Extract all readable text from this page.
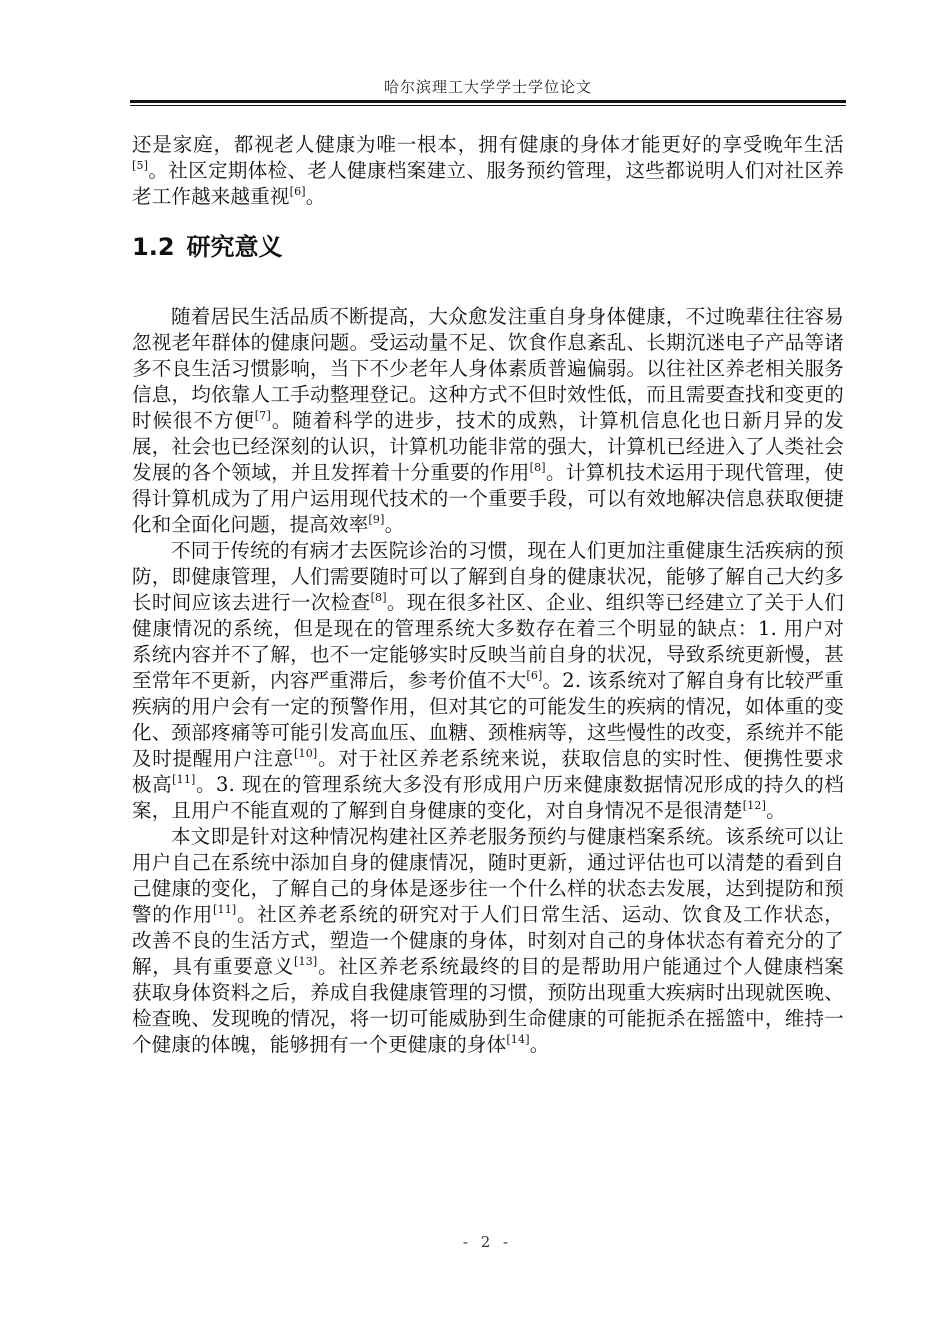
哈尔滨理工大学学士学位论文

还是家庭，都视老人健康为唯一根本，拥有健康的身体才能更好的享受晚年生活[5]。社区定期体检、老人健康档案建立、服务预约管理，这些都说明人们对社区养老工作越来越重视[6]。

1.2 研究意义

随着居民生活品质不断提高，大众愈发注重自身身体健康，不过晚辈往往容易忽视老年群体的健康问题。受运动量不足、饮食作息紊乱、长期沉迷电子产品等诸多不良生活习惯影响，当下不少老年人身体素质普遍偏弱。以往社区养老相关服务信息，均依靠人工手动整理登记。这种方式不但时效性低，而且需要查找和变更的时候很不方便[7]。随着科学的进步，技术的成熟，计算机信息化也日新月异的发展，社会也已经深刻的认识，计算机功能非常的强大，计算机已经进入了人类社会发展的各个领域，并且发挥着十分重要的作用[8]。计算机技术运用于现代管理，使得计算机成为了用户运用现代技术的一个重要手段，可以有效地解决信息获取便捷化和全面化问题，提高效率[9]。

不同于传统的有病才去医院诊治的习惯，现在人们更加注重健康生活疾病的预防，即健康管理，人们需要随时可以了解到自身的健康状况，能够了解自己大约多长时间应该去进行一次检查[8]。现在很多社区、企业、组织等已经建立了关于人们健康情况的系统，但是现在的管理系统大多数存在着三个明显的缺点：1. 用户对系统内容并不了解，也不一定能够实时反映当前自身的状况，导致系统更新慢，甚至常年不更新，内容严重滞后，参考价值不大[6]。2. 该系统对了解自身有比较严重疾病的用户会有一定的预警作用，但对其它的可能发生的疾病的情况，如体重的变化、颈部疼痛等可能引发高血压、血糖、颈椎病等，这些慢性的改变，系统并不能及时提醒用户注意[10]。对于社区养老系统来说，获取信息的实时性、便携性要求极高[11]。3. 现在的管理系统大多没有形成用户历来健康数据情况形成的持久的档案，且用户不能直观的了解到自身健康的变化，对自身情况不是很清楚[12]。

本文即是针对这种情况构建社区养老服务预约与健康档案系统。该系统可以让用户自己在系统中添加自身的健康情况，随时更新，通过评估也可以清楚的看到自己健康的变化，了解自己的身体是逐步往一个什么样的状态去发展，达到提防和预警的作用[11]。社区养老系统的研究对于人们日常生活、运动、饮食及工作状态，改善不良的生活方式，塑造一个健康的身体，时刻对自己的身体状态有着充分的了解，具有重要意义[13]。社区养老系统最终的目的是帮助用户能通过个人健康档案获取身体资料之后，养成自我健康管理的习惯，预防出现重大疾病时出现就医晚、检查晚、发现晚的情况，将一切可能威胁到生命健康的可能扼杀在摇篮中，维持一个健康的体魄，能够拥有一个更健康的身体[14]。

- 2 -
